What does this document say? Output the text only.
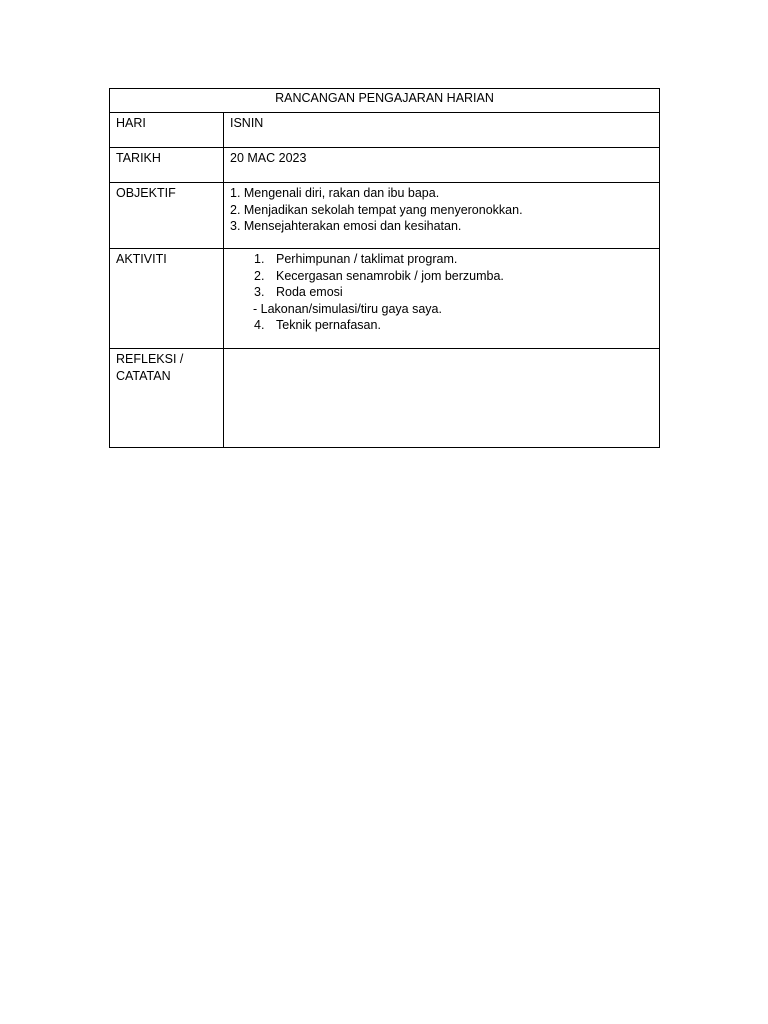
RANCANGAN PENGAJARAN HARIAN	
HARI	ISNIN
TARIKH	20 MAC 2023
OBJEKTIF	1. Mengenali diri, rakan dan ibu bapa.
2. Menjadikan sekolah tempat yang menyeronokkan.
3. Mensejahterakan emosi dan kesihatan.

AKTIVITI	1. Perhimpunan / taklimat program.
2. Kecergasan senamrobik / jom berzumba.
3. Roda emosi
- Lakonan/simulasi/tiru gaya saya.
4. Teknik pernafasan.

REFLEKSI /
CATATAN	
